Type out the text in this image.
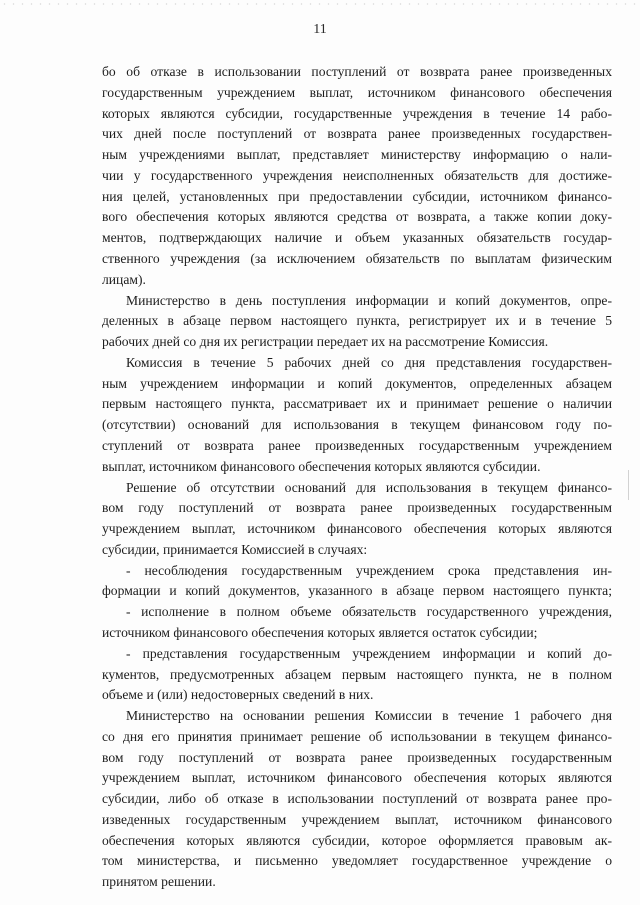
11
бо об отказе в использовании поступлений от возврата ранее произведенных
государственным учреждением выплат, источником финансового обеспечения
которых являются субсидии, государственные учреждения в течение 14 рабо-
чих дней после поступлений от возврата ранее произведенных государствен-
ным учреждениями выплат, представляет министерству информацию о нали-
чии у государственного учреждения неисполненных обязательств для достиже-
ния целей, установленных при предоставлении субсидии, источником финансо-
вого обеспечения которых являются средства от возврата, а также копии доку-
ментов, подтверждающих наличие и объем указанных обязательств государ-
ственного учреждения (за исключением обязательств по выплатам физическим
лицам).
Министерство в день поступления информации и копий документов, опре-
деленных в абзаце первом настоящего пункта, регистрирует их и в течение 5
рабочих дней со дня их регистрации передает их на рассмотрение Комиссия.
Комиссия в течение 5 рабочих дней со дня представления государствен-
ным учреждением информации и копий документов, определенных абзацем
первым настоящего пункта, рассматривает их и принимает решение о наличии
(отсутствии) оснований для использования в текущем финансовом году по-
ступлений от возврата ранее произведенных государственным учреждением
выплат, источником финансового обеспечения которых являются субсидии.
Решение об отсутствии оснований для использования в текущем финансо-
вом году поступлений от возврата ранее произведенных государственным
учреждением выплат, источником финансового обеспечения которых являются
субсидии, принимается Комиссией в случаях:
- несоблюдения государственным учреждением срока представления ин-
формации и копий документов, указанного в абзаце первом настоящего пункта;
- исполнение в полном объеме обязательств государственного учреждения,
источником финансового обеспечения которых является остаток субсидии;
- представления государственным учреждением информации и копий до-
кументов, предусмотренных абзацем первым настоящего пункта, не в полном
объеме и (или) недостоверных сведений в них.
Министерство на основании решения Комиссии в течение 1 рабочего дня
со дня его принятия принимает решение об использовании в текущем финансо-
вом году поступлений от возврата ранее произведенных государственным
учреждением выплат, источником финансового обеспечения которых являются
субсидии, либо об отказе в использовании поступлений от возврата ранее про-
изведенных государственным учреждением выплат, источником финансового
обеспечения которых являются субсидии, которое оформляется правовым ак-
том министерства, и письменно уведомляет государственное учреждение о
принятом решении.
